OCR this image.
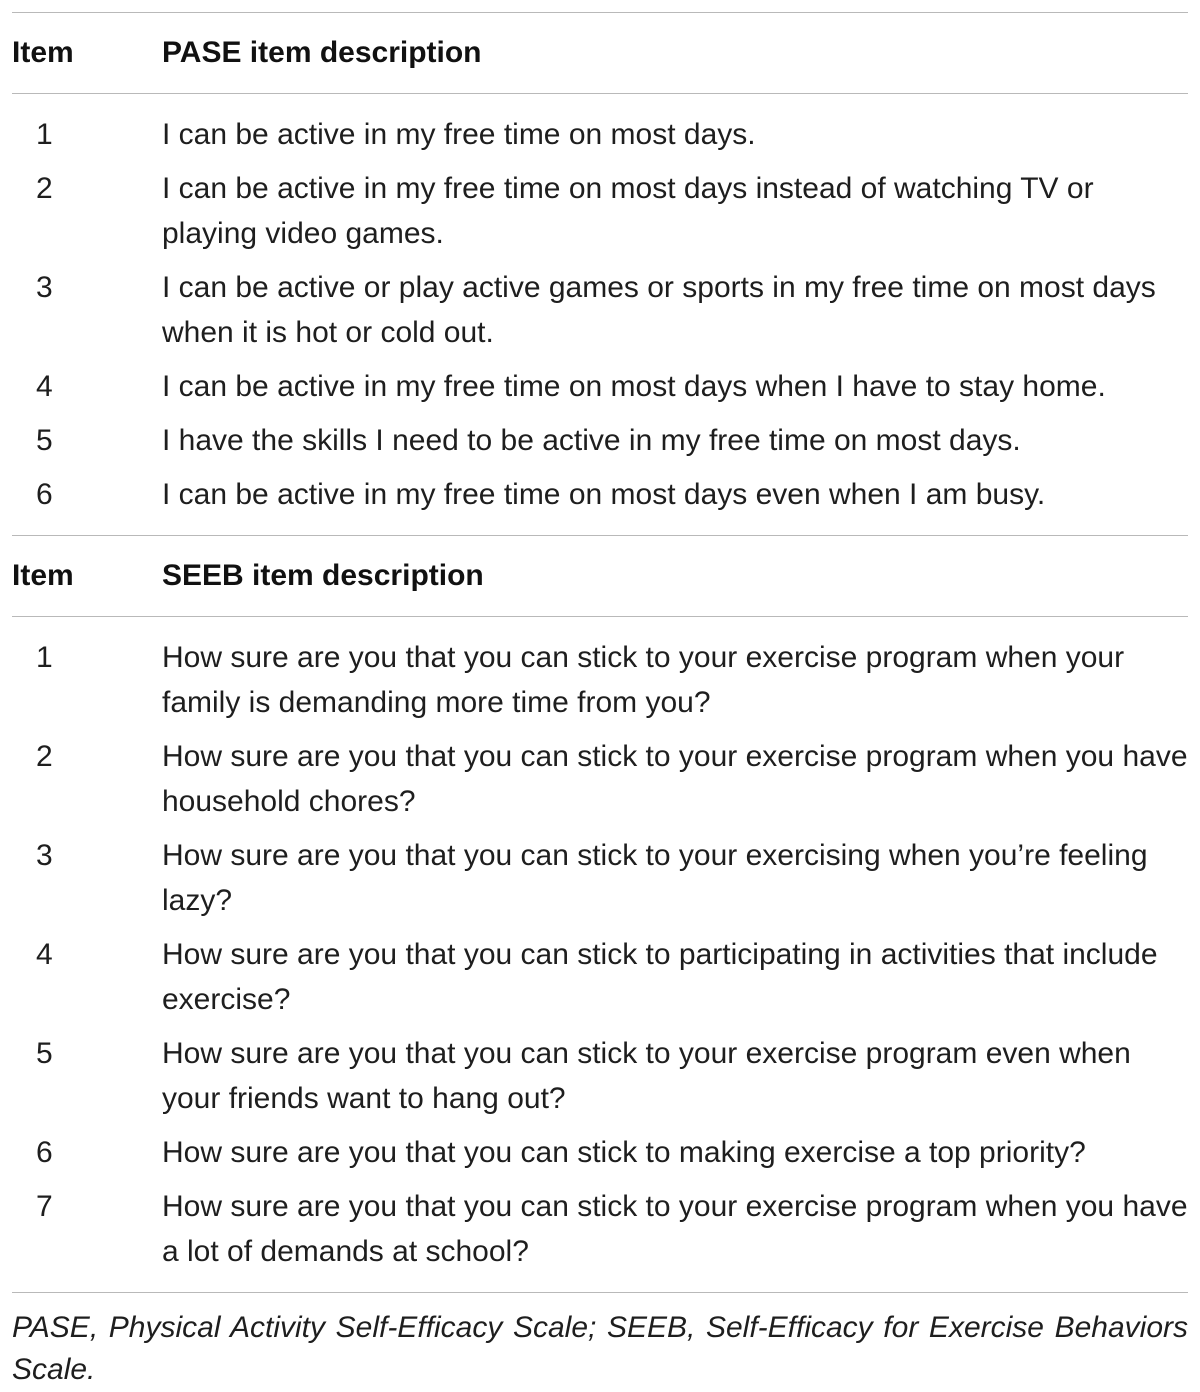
Item	PASE item description
1	I can be active in my free time on most days.
2	I can be active in my free time on most days instead of watching TV or playing video games.
3	I can be active or play active games or sports in my free time on most days when it is hot or cold out.
4	I can be active in my free time on most days when I have to stay home.
5	I have the skills I need to be active in my free time on most days.
6	I can be active in my free time on most days even when I am busy.
Item	SEEB item description
1	How sure are you that you can stick to your exercise program when your family is demanding more time from you?
2	How sure are you that you can stick to your exercise program when you have household chores?
3	How sure are you that you can stick to your exercising when you’re feeling lazy?
4	How sure are you that you can stick to participating in activities that include exercise?
5	How sure are you that you can stick to your exercise program even when your friends want to hang out?
6	How sure are you that you can stick to making exercise a top priority?
7	How sure are you that you can stick to your exercise program when you have a lot of demands at school?
PASE, Physical Activity Self-Efficacy Scale; SEEB, Self-Efficacy for Exercise Behaviors Scale.
